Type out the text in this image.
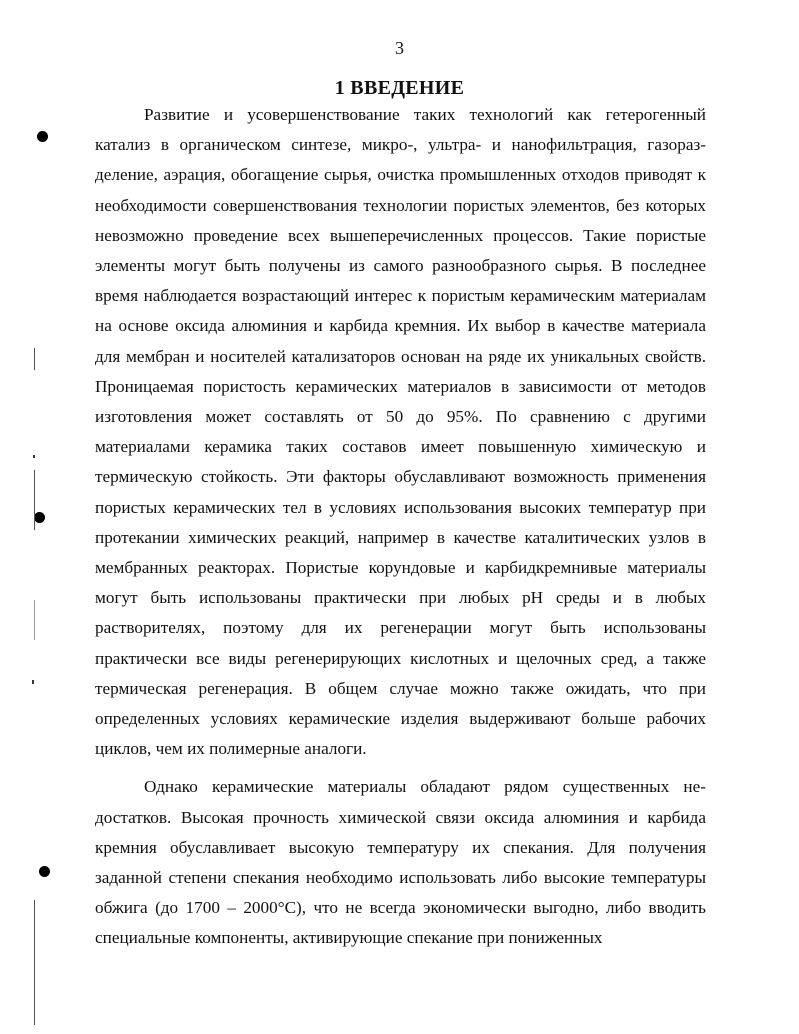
3
1 ВВЕДЕНИЕ

Развитие и усовершенствование таких технологий как гетерогенный катализ в органическом синтезе, микро-, ультра- и нанофильтрация, газоразделение, аэрация, обогащение сырья, очистка промышленных отходов приводят к необходимости совершенствования технологии пористых элементов, без которых невозможно проведение всех вышеперечисленных процессов. Такие пористые элементы могут быть получены из самого разнообразного сырья. В последнее время наблюдается возрастающий интерес к пористым керамическим материалам на основе оксида алюминия и карбида кремния. Их выбор в качестве материала для мембран и носителей катализаторов основан на ряде их уникальных свойств. Проницаемая пористость керамических материалов в зависимости от методов изготовления может составлять от 50 до 95%. По сравнению с другими материалами керамика таких составов имеет повышенную химическую и термическую стойкость. Эти факторы обуславливают возможность применения пористых керамических тел в условиях использования высоких температур при протекании химических реакций, например в качестве каталитических узлов в мембранных реакторах. Пористые корундовые и карбидкремнивые материалы могут быть использованы практически при любых pH среды и в любых растворителях, поэтому для их регенерации могут быть использованы практически все виды регенерирующих кислотных и щелочных сред, а также термическая регенерация. В общем случае можно также ожидать, что при определенных условиях керамические изделия выдерживают больше рабочих циклов, чем их полимерные аналоги.

Однако керамические материалы обладают рядом существенных недостатков. Высокая прочность химической связи оксида алюминия и карбида кремния обуславливает высокую температуру их спекания. Для получения заданной степени спекания необходимо использовать либо высокие температуры обжига (до 1700 – 2000°С), что не всегда экономически выгодно, либо вводить специальные компоненты, активирующие спекание при пониженных
